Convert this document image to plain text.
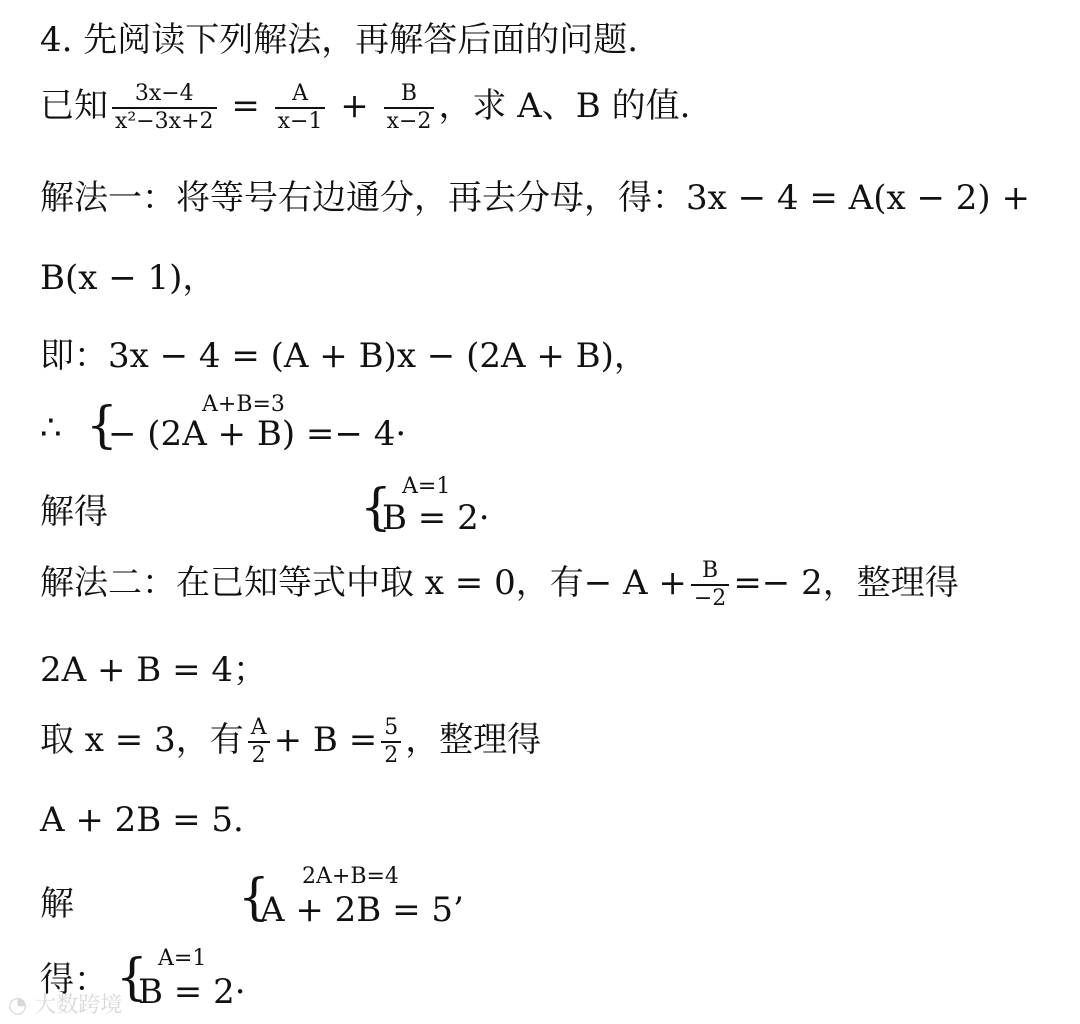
4. 先阅读下列解法，再解答后面的问题.
已知 $\frac{3x-4}{\text{x²−3x+2}} = \frac{A}{x-1} + \frac{B}{x-2}$ ，求 A、B 的值.
解法一：将等号右边通分，再去分母，得：3x − 4 = A(x − 2) +
B(x − 1)，
即：3x − 4 = (A + B)x − (2A + B)，
∴ {	A+B=3
− (2A + B) =− 4·
解得	{ A=1
B = 2·
解法二：在已知等式中取 x = 0，有− $A + \frac{B}{-2} =- 2$，整理得
2A + B = 4；
取 x = 3，有 $\frac{A}{2} + B = \frac{5}{2}$ ，整理得
A + 2B = 5.
解	{ 2A+B=4
A + 2B = 5’
得： { A=1
B = 2·
◔ 大数跨境
